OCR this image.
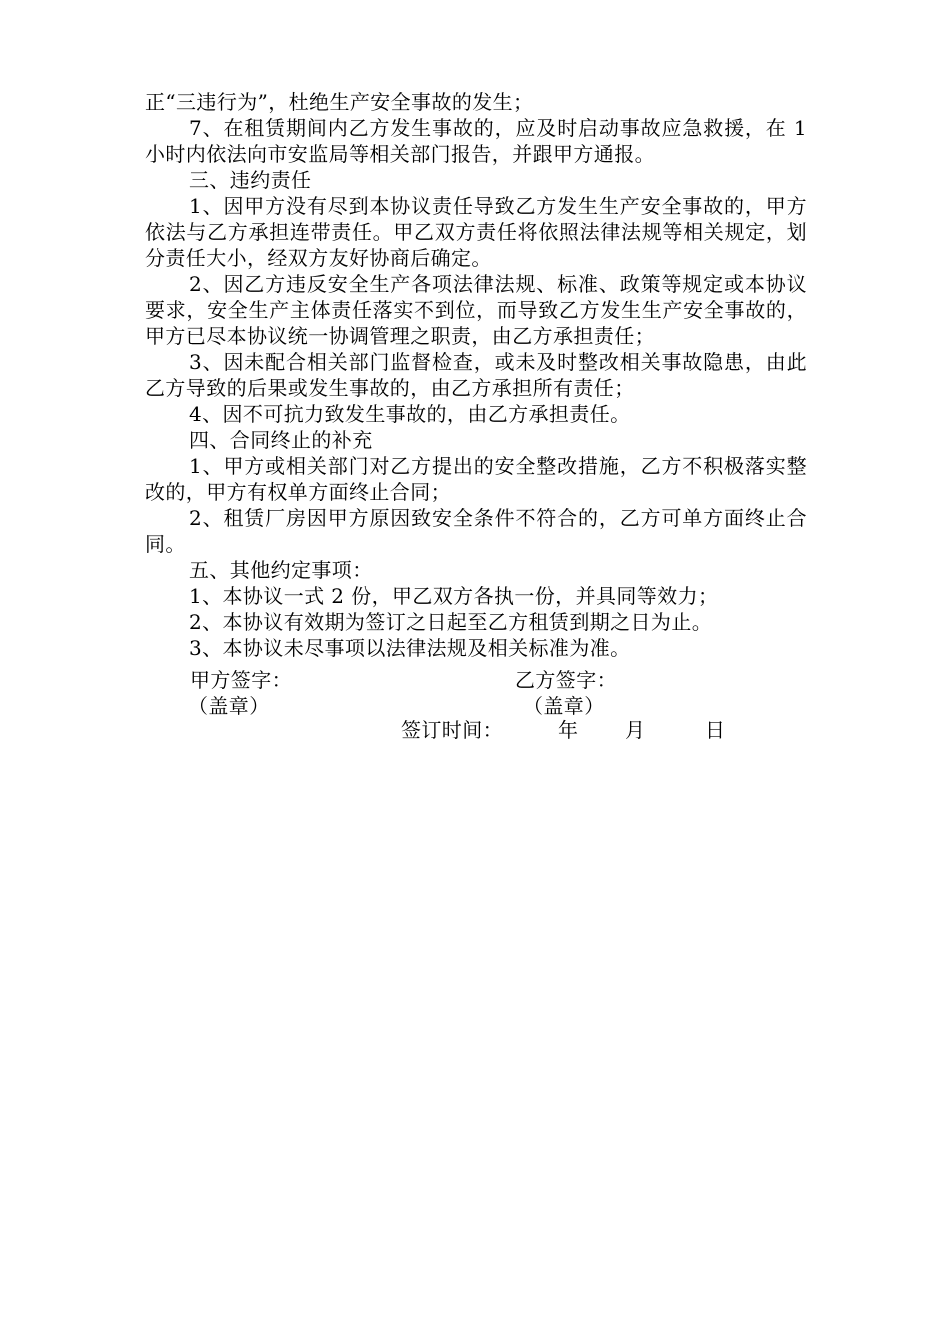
正“三违行为”，杜绝生产安全事故的发生；

7、在租赁期间内乙方发生事故的，应及时启动事故应急救援，在 1 小时内依法向市安监局等相关部门报告，并跟甲方通报。

三、违约责任

1、因甲方没有尽到本协议责任导致乙方发生生产安全事故的，甲方依法与乙方承担连带责任。甲乙双方责任将依照法律法规等相关规定，划分责任大小，经双方友好协商后确定。

2、因乙方违反安全生产各项法律法规、标准、政策等规定或本协议要求，安全生产主体责任落实不到位，而导致乙方发生生产安全事故的，甲方已尽本协议统一协调管理之职责，由乙方承担责任；

3、因未配合相关部门监督检查，或未及时整改相关事故隐患，由此乙方导致的后果或发生事故的，由乙方承担所有责任；

4、因不可抗力致发生事故的，由乙方承担责任。

四、合同终止的补充

1、甲方或相关部门对乙方提出的安全整改措施，乙方不积极落实整改的，甲方有权单方面终止合同；

2、租赁厂房因甲方原因致安全条件不符合的，乙方可单方面终止合同。

五、其他约定事项：

1、本协议一式 2 份，甲乙双方各执一份，并具同等效力；

2、本协议有效期为签订之日起至乙方租赁到期之日为止。

3、本协议未尽事项以法律法规及相关标准为准。

甲方签字：
（盖章）
乙方签字：
（盖章）
签订时间：	年 月	日
